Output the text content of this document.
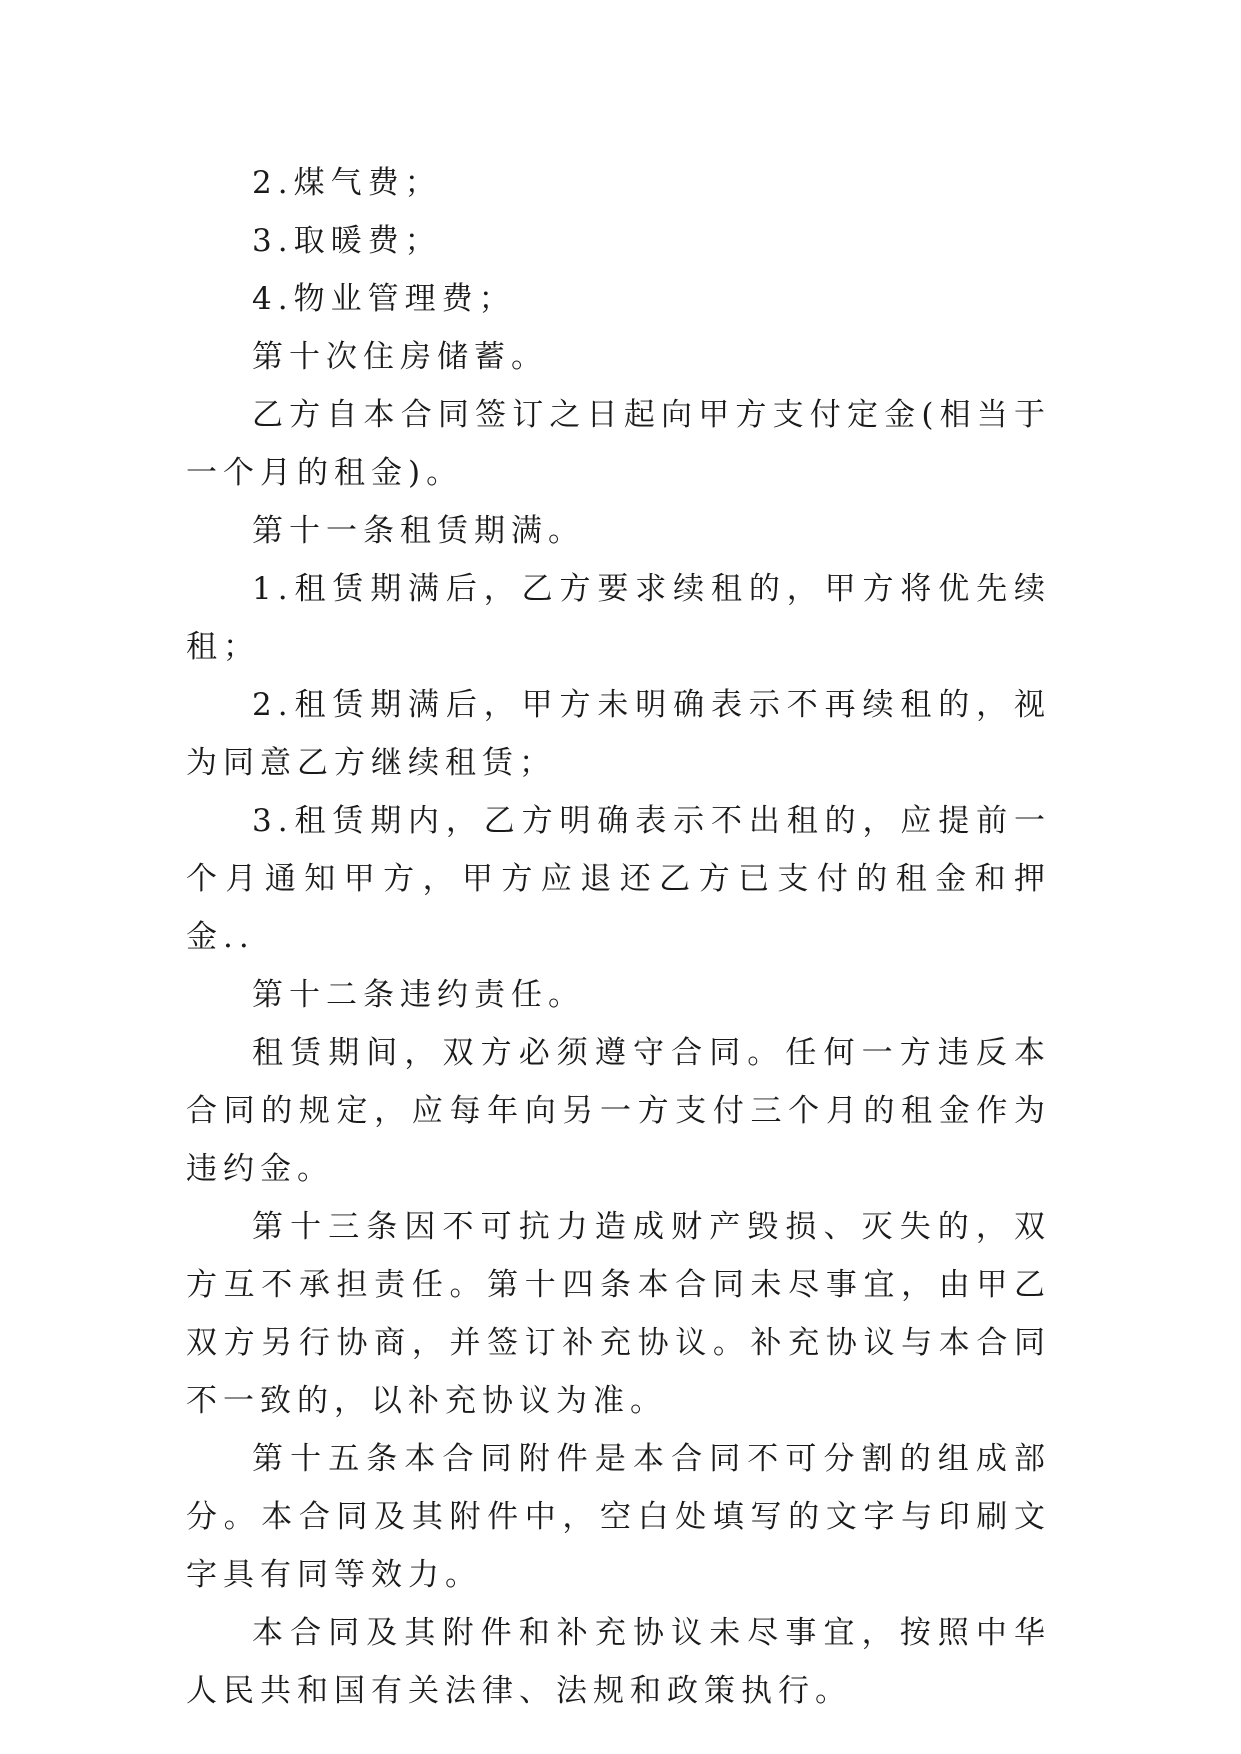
2.煤气费；

3.取暖费；

4.物业管理费；

第十次住房储蓄。

乙方自本合同签订之日起向甲方支付定金(相当于一个月的租金)。

第十一条租赁期满。

1.租赁期满后，乙方要求续租的，甲方将优先续租；

2.租赁期满后，甲方未明确表示不再续租的，视为同意乙方继续租赁；

3.租赁期内，乙方明确表示不出租的，应提前一个月通知甲方，甲方应退还乙方已支付的租金和押金..

第十二条违约责任。

租赁期间，双方必须遵守合同。任何一方违反本合同的规定，应每年向另一方支付三个月的租金作为违约金。

第十三条因不可抗力造成财产毁损、灭失的，双方互不承担责任。第十四条本合同未尽事宜，由甲乙双方另行协商，并签订补充协议。补充协议与本合同不一致的，以补充协议为准。

第十五条本合同附件是本合同不可分割的组成部分。本合同及其附件中，空白处填写的文字与印刷文字具有同等效力。

本合同及其附件和补充协议未尽事宜，按照中华人民共和国有关法律、法规和政策执行。
